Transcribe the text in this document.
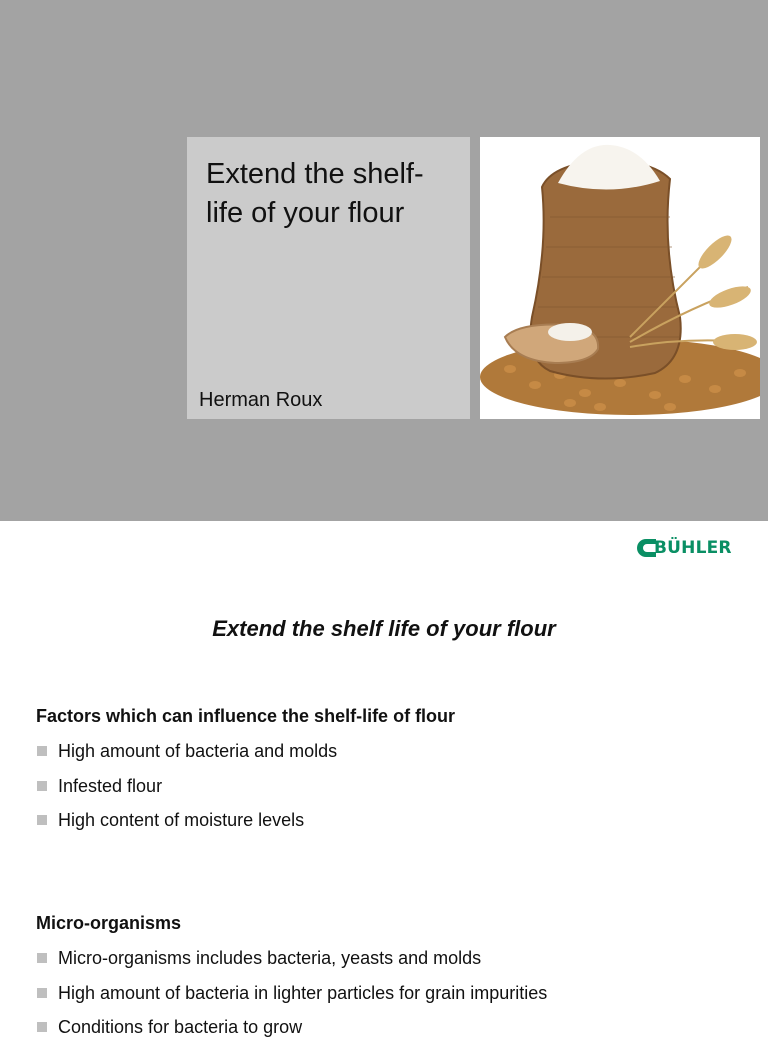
Extend the shelf-
life of your flour
Herman Roux
BÜHLER
Extend the shelf life of your flour
Factors which can influence the shelf-life of flour
High amount of bacteria and molds
Infested flour
High content of moisture levels
Micro-organisms
Micro-organisms includes bacteria, yeasts and molds
High amount of bacteria in lighter particles for grain impurities
Conditions for bacteria to grow
